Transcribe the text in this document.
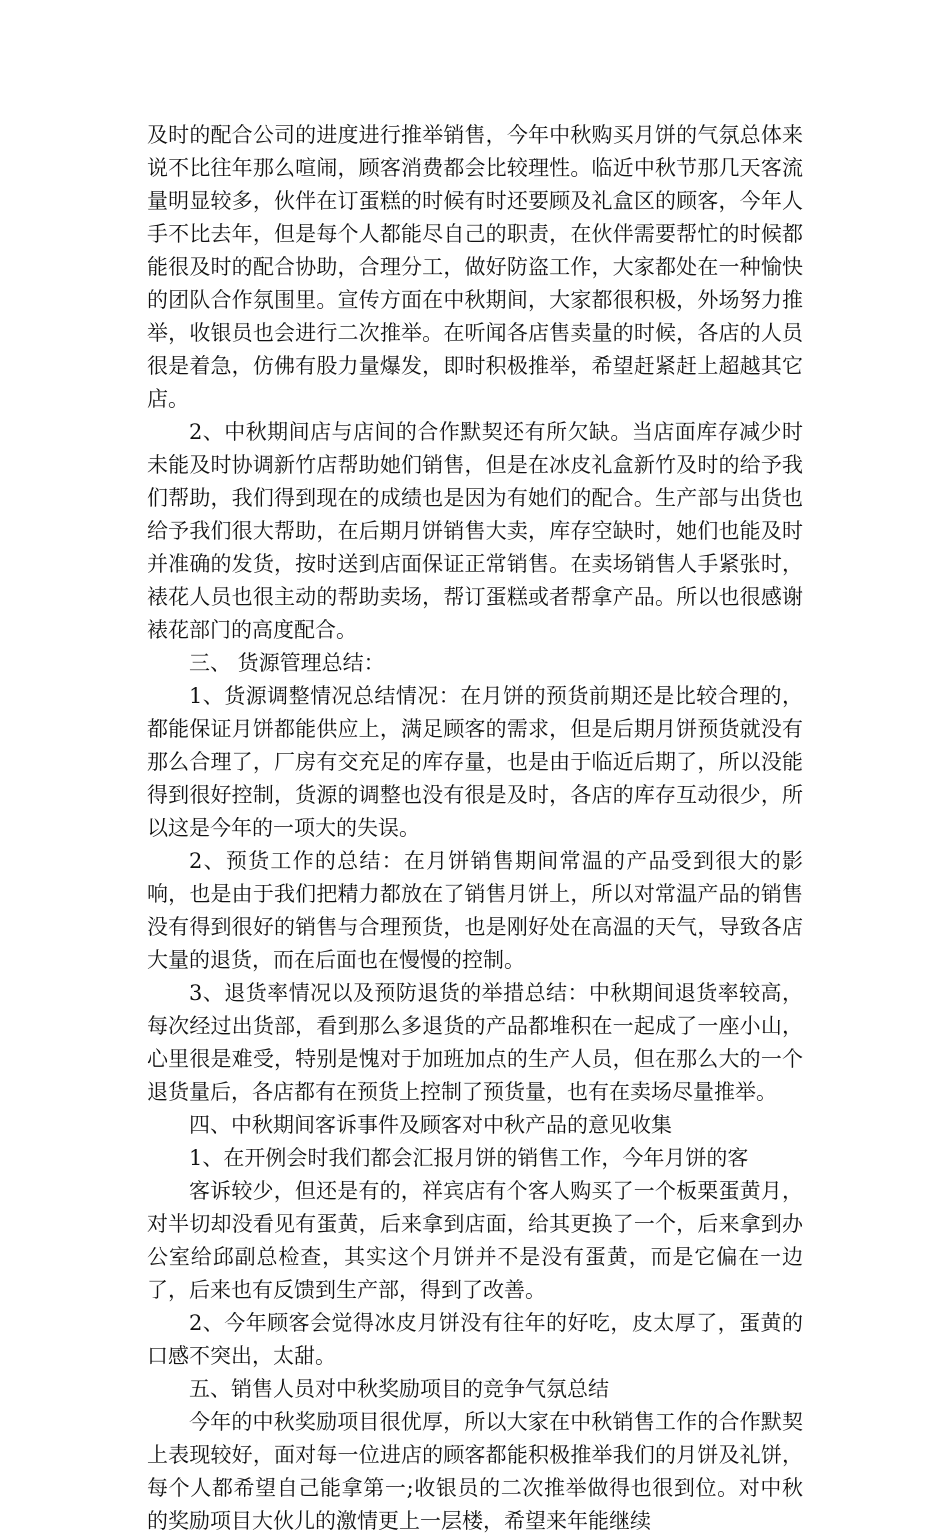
及时的配合公司的进度进行推举销售，今年中秋购买月饼的气氛总体来说不比往年那么喧闹，顾客消费都会比较理性。临近中秋节那几天客流量明显较多，伙伴在订蛋糕的时候有时还要顾及礼盒区的顾客，今年人手不比去年，但是每个人都能尽自己的职责，在伙伴需要帮忙的时候都能很及时的配合协助，合理分工，做好防盗工作，大家都处在一种愉快的团队合作氛围里。宣传方面在中秋期间，大家都很积极，外场努力推举，收银员也会进行二次推举。在听闻各店售卖量的时候，各店的人员很是着急，仿佛有股力量爆发，即时积极推举，希望赶紧赶上超越其它店。

2、中秋期间店与店间的合作默契还有所欠缺。当店面库存减少时未能及时协调新竹店帮助她们销售，但是在冰皮礼盒新竹及时的给予我们帮助，我们得到现在的成绩也是因为有她们的配合。生产部与出货也给予我们很大帮助，在后期月饼销售大卖，库存空缺时，她们也能及时并准确的发货，按时送到店面保证正常销售。在卖场销售人手紧张时，裱花人员也很主动的帮助卖场，帮订蛋糕或者帮拿产品。所以也很感谢裱花部门的高度配合。

三、 货源管理总结：

1、货源调整情况总结情况：在月饼的预货前期还是比较合理的，都能保证月饼都能供应上，满足顾客的需求，但是后期月饼预货就没有那么合理了，厂房有交充足的库存量，也是由于临近后期了，所以没能得到很好控制，货源的调整也没有很是及时，各店的库存互动很少，所以这是今年的一项大的失误。

2、预货工作的总结：在月饼销售期间常温的产品受到很大的影响，也是由于我们把精力都放在了销售月饼上，所以对常温产品的销售没有得到很好的销售与合理预货，也是刚好处在高温的天气，导致各店大量的退货，而在后面也在慢慢的控制。

3、退货率情况以及预防退货的举措总结：中秋期间退货率较高，每次经过出货部，看到那么多退货的产品都堆积在一起成了一座小山，心里很是难受，特别是愧对于加班加点的生产人员，但在那么大的一个退货量后，各店都有在预货上控制了预货量，也有在卖场尽量推举。

四、中秋期间客诉事件及顾客对中秋产品的意见收集

1、在开例会时我们都会汇报月饼的销售工作，今年月饼的客

客诉较少，但还是有的，祥宾店有个客人购买了一个板栗蛋黄月，对半切却没看见有蛋黄，后来拿到店面，给其更换了一个，后来拿到办公室给邱副总检查，其实这个月饼并不是没有蛋黄，而是它偏在一边了，后来也有反馈到生产部，得到了改善。

2、今年顾客会觉得冰皮月饼没有往年的好吃，皮太厚了，蛋黄的口感不突出，太甜。

五、销售人员对中秋奖励项目的竞争气氛总结

今年的中秋奖励项目很优厚，所以大家在中秋销售工作的合作默契上表现较好，面对每一位进店的顾客都能积极推举我们的月饼及礼饼，每个人都希望自己能拿第一;收银员的二次推举做得也很到位。对中秋的奖励项目大伙儿的激情更上一层楼，希望来年能继续
